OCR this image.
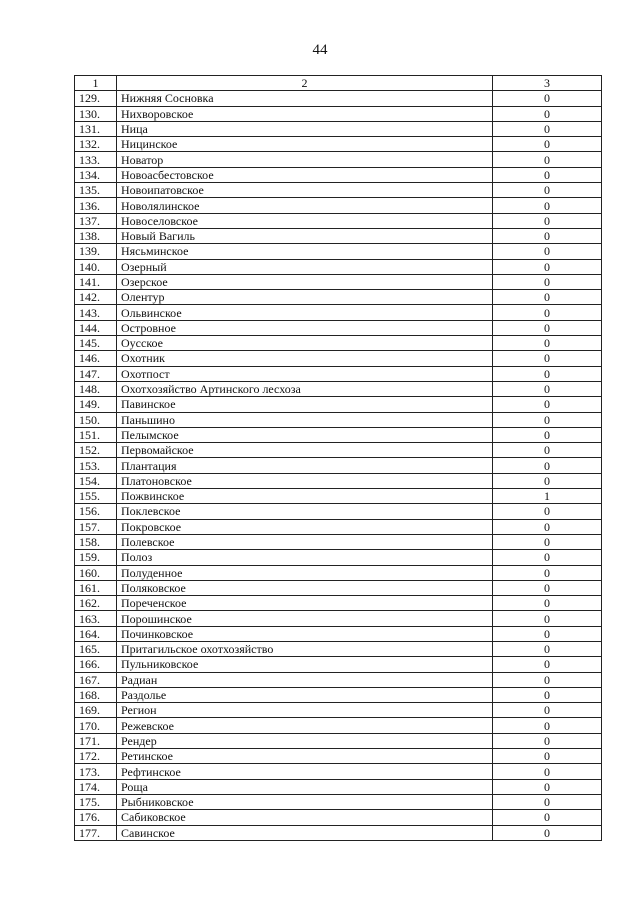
44
1	2	3
129.	Нижняя Сосновка	0
130.	Нихворовское	0
131.	Ница	0
132.	Ницинское	0
133.	Новатор	0
134.	Новоасбестовское	0
135.	Новоипатовское	0
136.	Новолялинское	0
137.	Новоселовское	0
138.	Новый Вагиль	0
139.	Нясьминское	0
140.	Озерный	0
141.	Озерское	0
142.	Олентур	0
143.	Ольвинское	0
144.	Островное	0
145.	Оусское	0
146.	Охотник	0
147.	Охотпост	0
148.	Охотхозяйство Артинского лесхоза	0
149.	Павинское	0
150.	Паньшино	0
151.	Пелымское	0
152.	Первомайское	0
153.	Плантация	0
154.	Платоновское	0
155.	Пожвинское	1
156.	Поклевское	0
157.	Покровское	0
158.	Полевское	0
159.	Полоз	0
160.	Полуденное	0
161.	Поляковское	0
162.	Пореченское	0
163.	Порошинское	0
164.	Починковское	0
165.	Притагильское охотхозяйство	0
166.	Пульниковское	0
167.	Радиан	0
168.	Раздолье	0
169.	Регион	0
170.	Режевское	0
171.	Рендер	0
172.	Ретинское	0
173.	Рефтинское	0
174.	Роща	0
175.	Рыбниковское	0
176.	Сабиковское	0
177.	Савинское	0
